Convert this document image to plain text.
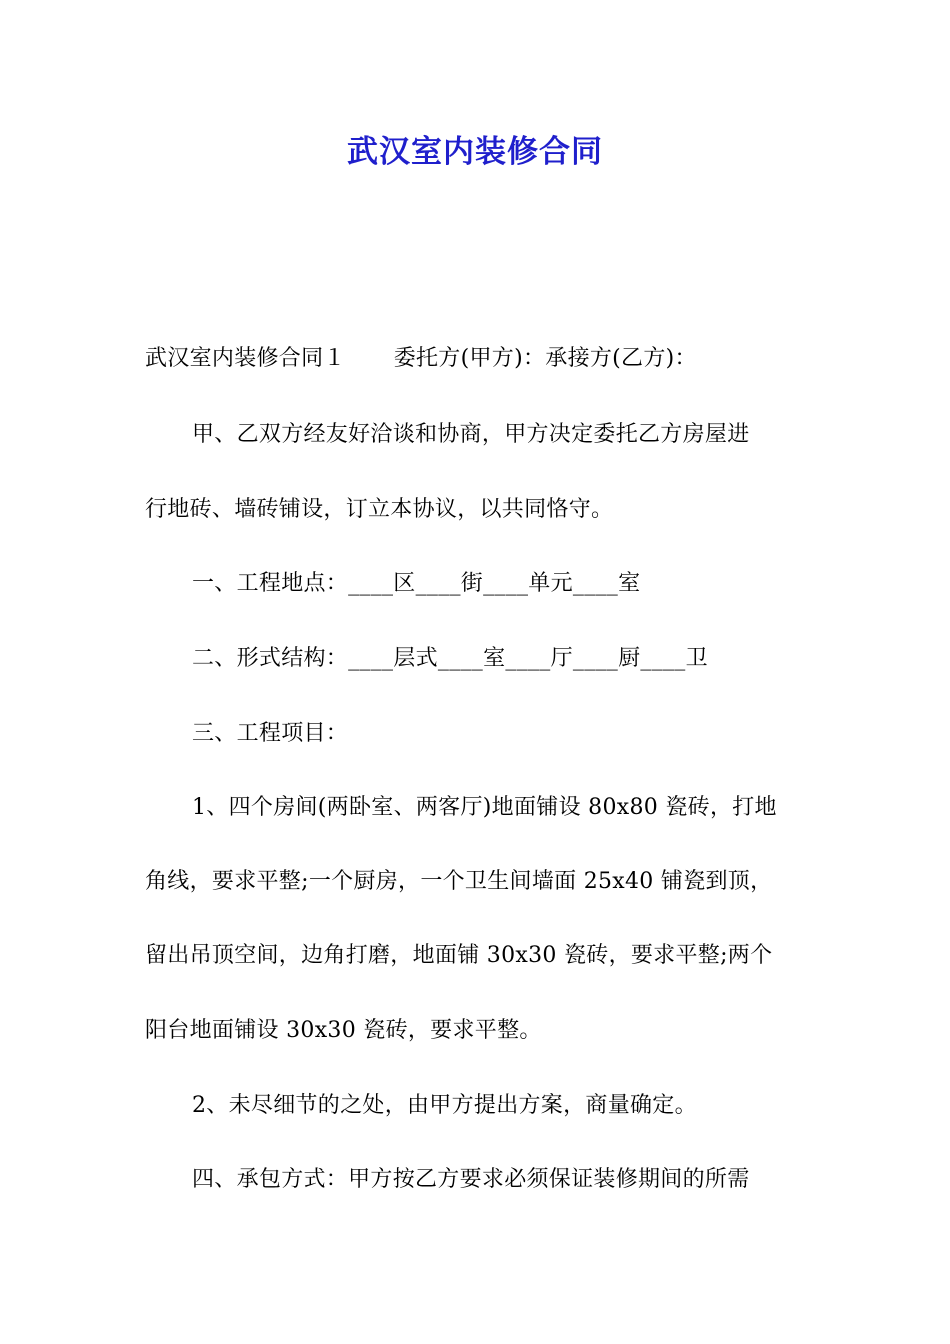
武汉室内装修合同
武汉室内装修合同１ 委托方(甲方)：承接方(乙方)：
甲、乙双方经友好洽谈和协商，甲方决定委托乙方房屋进
行地砖、墙砖铺设，订立本协议，以共同恪守。
一、工程地点：____区____街____单元____室
二、形式结构：____层式____室____厅____厨____卫
三、工程项目：
1、四个房间(两卧室、两客厅)地面铺设 80x80 瓷砖，打地
角线，要求平整;一个厨房，一个卫生间墙面 25x40 铺瓷到顶，
留出吊顶空间，边角打磨，地面铺 30x30 瓷砖，要求平整;两个
阳台地面铺设 30x30 瓷砖，要求平整。
2、未尽细节的之处，由甲方提出方案，商量确定。
四、承包方式：甲方按乙方要求必须保证装修期间的所需
